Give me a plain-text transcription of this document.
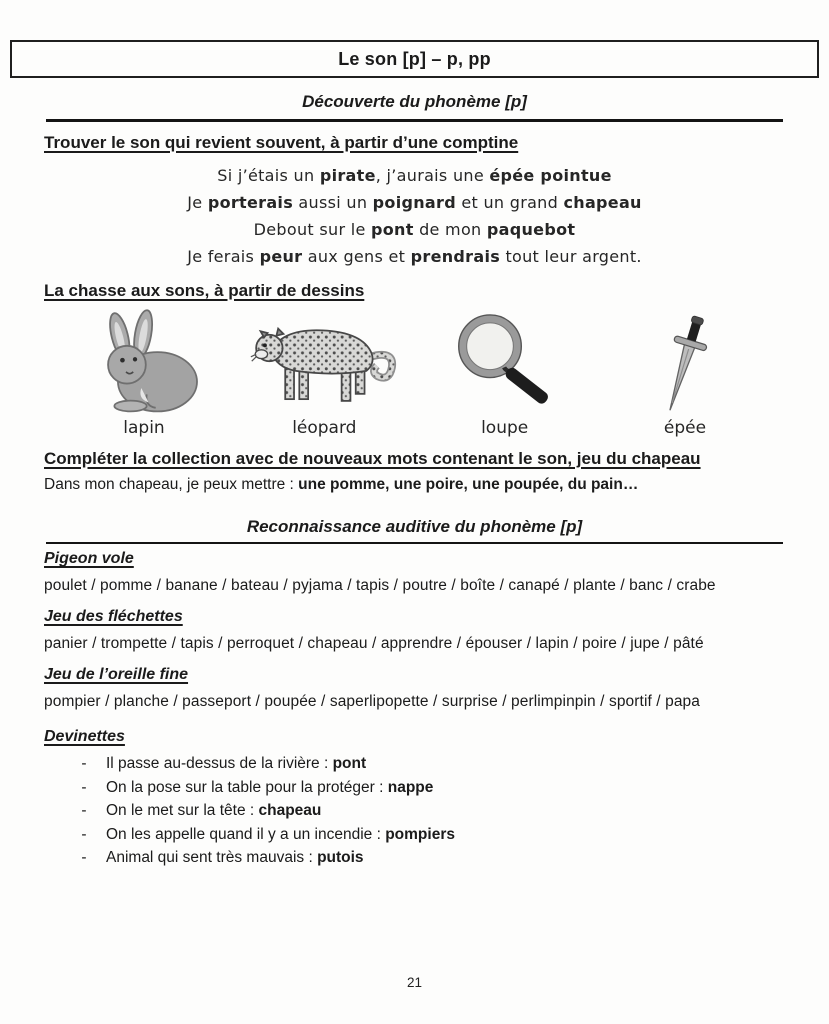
Le son [p] – p, pp
Découverte du phonème [p]
Trouver le son qui revient souvent, à partir d’une comptine
Si j’étais un pirate, j’aurais une épée pointue
Je porterais aussi un poignard et un grand chapeau
Debout sur le pont de mon paquebot
Je ferais peur aux gens et prendrais tout leur argent.
La chasse aux sons, à partir de dessins
lapin	léopard	loupe	épée
Compléter la collection avec de nouveaux mots contenant le son, jeu du chapeau
Dans mon chapeau, je peux mettre : une pomme, une poire, une poupée, du pain…
Reconnaissance auditive du phonème [p]
Pigeon vole
poulet / pomme / banane / bateau / pyjama / tapis / poutre / boîte / canapé / plante / banc / crabe
Jeu des fléchettes
panier / trompette / tapis / perroquet / chapeau / apprendre / épouser / lapin / poire / jupe / pâté
Jeu de l’oreille fine
pompier / planche / passeport / poupée / saperlipopette / surprise / perlimpinpin / sportif / papa
Devinettes
-	Il passe au-dessus de la rivière : pont
-	On la pose sur la table pour la protéger : nappe
-	On le met sur la tête : chapeau
-	On les appelle quand il y a un incendie : pompiers
-	Animal qui sent très mauvais : putois
21
